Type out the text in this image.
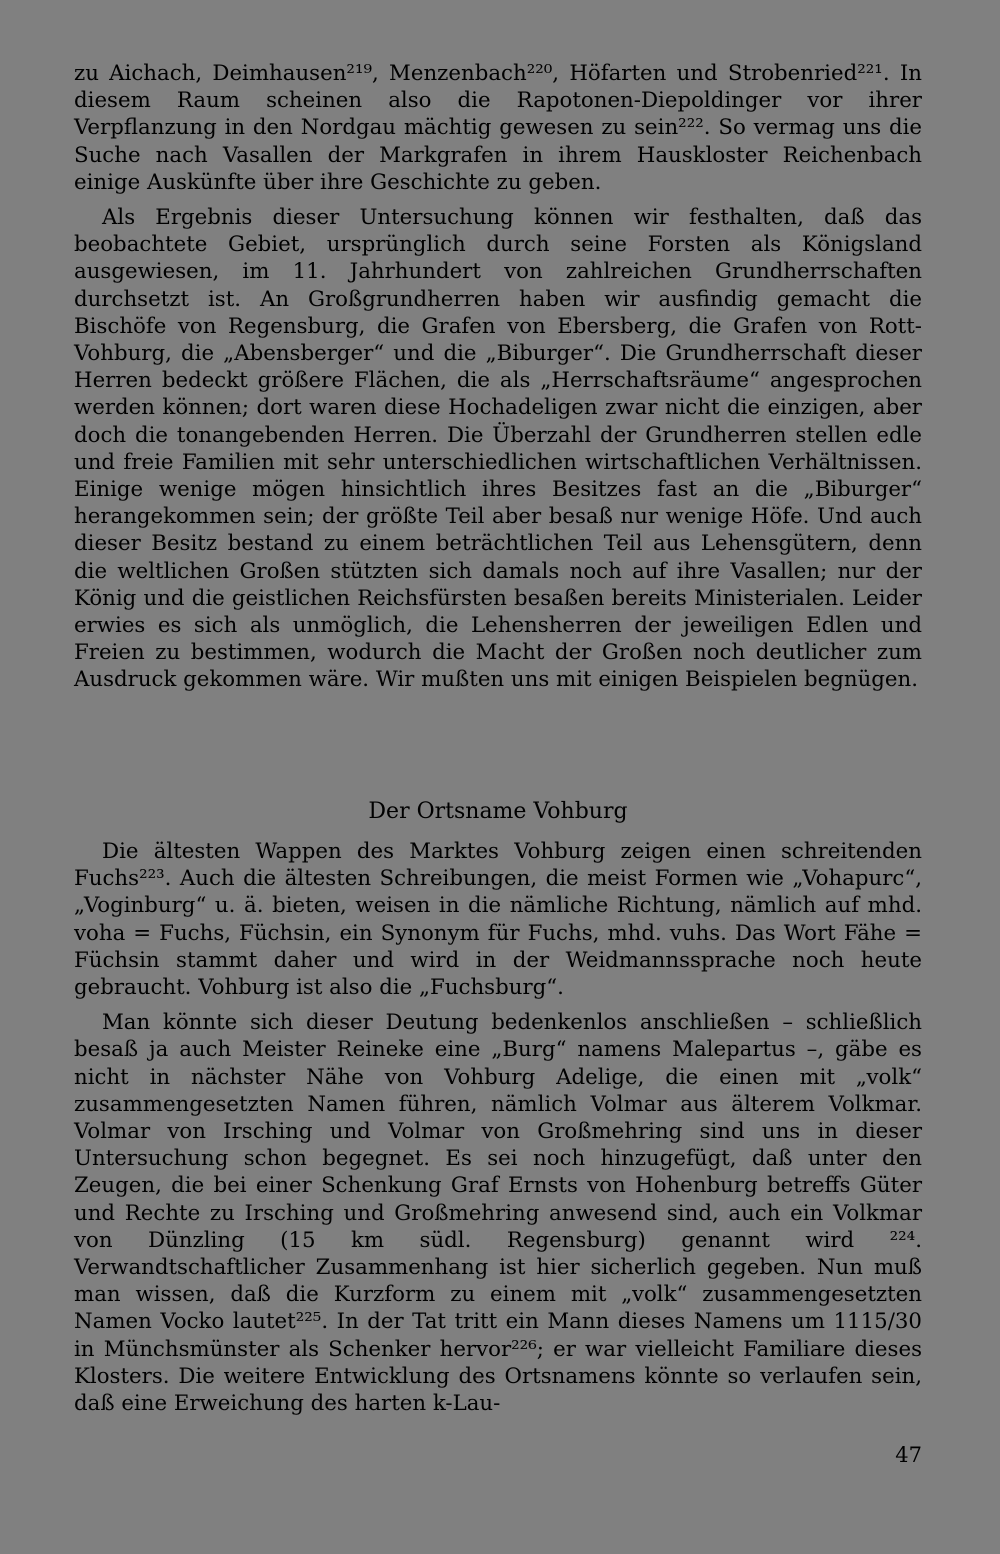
zu Aichach, Deimhausen²¹⁹, Menzenbach²²⁰, Höfarten und Strobenried²²¹. In diesem Raum scheinen also die Rapotonen-Diepoldinger vor ihrer Verpflanzung in den Nordgau mächtig gewesen zu sein²²². So vermag uns die Suche nach Vasallen der Markgrafen in ihrem Hauskloster Reichenbach einige Auskünfte über ihre Geschichte zu geben.

Als Ergebnis dieser Untersuchung können wir festhalten, daß das beobachtete Gebiet, ursprünglich durch seine Forsten als Königsland ausgewiesen, im 11. Jahrhundert von zahlreichen Grundherrschaften durchsetzt ist. An Großgrundherren haben wir ausfindig gemacht die Bischöfe von Regensburg, die Grafen von Ebersberg, die Grafen von Rott-Vohburg, die „Abensberger“ und die „Biburger“. Die Grundherrschaft dieser Herren bedeckt größere Flächen, die als „Herrschaftsräume“ angesprochen werden können; dort waren diese Hochadeligen zwar nicht die einzigen, aber doch die tonangebenden Herren. Die Überzahl der Grundherren stellen edle und freie Familien mit sehr unterschiedlichen wirtschaftlichen Verhältnissen. Einige wenige mögen hinsichtlich ihres Besitzes fast an die „Biburger“ herangekommen sein; der größte Teil aber besaß nur wenige Höfe. Und auch dieser Besitz bestand zu einem beträchtlichen Teil aus Lehensgütern, denn die weltlichen Großen stützten sich damals noch auf ihre Vasallen; nur der König und die geistlichen Reichsfürsten besaßen bereits Ministerialen. Leider erwies es sich als unmöglich, die Lehensherren der jeweiligen Edlen und Freien zu bestimmen, wodurch die Macht der Großen noch deutlicher zum Ausdruck gekommen wäre. Wir mußten uns mit einigen Beispielen begnügen.

Der Ortsname Vohburg

Die ältesten Wappen des Marktes Vohburg zeigen einen schreitenden Fuchs²²³. Auch die ältesten Schreibungen, die meist Formen wie „Vohapurc“, „Voginburg“ u. ä. bieten, weisen in die nämliche Richtung, nämlich auf mhd. voha = Fuchs, Füchsin, ein Synonym für Fuchs, mhd. vuhs. Das Wort Fähe = Füchsin stammt daher und wird in der Weidmannssprache noch heute gebraucht. Vohburg ist also die „Fuchsburg“.

Man könnte sich dieser Deutung bedenkenlos anschließen – schließlich besaß ja auch Meister Reineke eine „Burg“ namens Malepartus –, gäbe es nicht in nächster Nähe von Vohburg Adelige, die einen mit „volk“ zusammengesetzten Namen führen, nämlich Volmar aus älterem Volkmar. Volmar von Irsching und Volmar von Großmehring sind uns in dieser Untersuchung schon begegnet. Es sei noch hinzugefügt, daß unter den Zeugen, die bei einer Schenkung Graf Ernsts von Hohenburg betreffs Güter und Rechte zu Irsching und Großmehring anwesend sind, auch ein Volkmar von Dünzling (15 km südl. Regensburg) genannt wird ²²⁴. Verwandtschaftlicher Zusammenhang ist hier sicherlich gegeben. Nun muß man wissen, daß die Kurzform zu einem mit „volk“ zusammengesetzten Namen Vocko lautet²²⁵. In der Tat tritt ein Mann dieses Namens um 1115/30 in Münchsmünster als Schenker hervor²²⁶; er war vielleicht Familiare dieses Klosters. Die weitere Entwicklung des Ortsnamens könnte so verlaufen sein, daß eine Erweichung des harten k-Lau-

47
